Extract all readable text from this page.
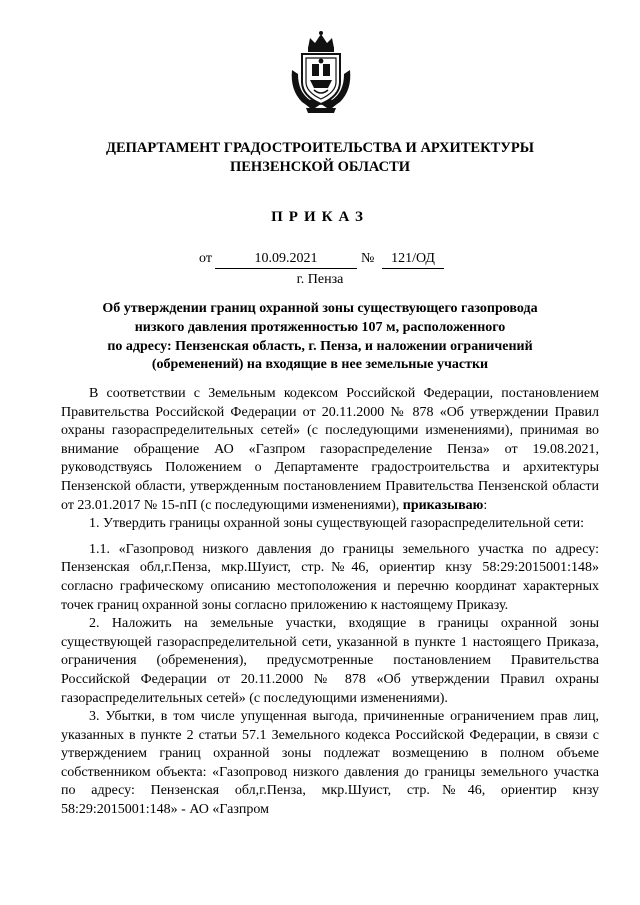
ДЕПАРТАМЕНТ ГРАДОСТРОИТЕЛЬСТВА И АРХИТЕКТУРЫ
ПЕНЗЕНСКОЙ ОБЛАСТИ
ПРИКАЗ
от	10.09.2021	№	121/ОД
г. Пенза
Об утверждении границ охранной зоны существующего газопровода
низкого давления протяженностью 107 м, расположенного
по адресу: Пензенская область, г. Пенза, и наложении ограничений
(обременений) на входящие в нее земельные участки

В соответствии с Земельным кодексом Российской Федерации, постановлением Правительства Российской Федерации от 20.11.2000 № 878 «Об утверждении Правил охраны газораспределительных сетей» (с последующими изменениями), принимая во внимание обращение АО «Газпром газораспределение Пенза» от 19.08.2021, руководствуясь Положением о Департаменте градостроительства и архитектуры Пензенской области, утвержденным постановлением Правительства Пензенской области от 23.01.2017 № 15-пП (с последующими изменениями), приказываю:

1. Утвердить границы охранной зоны существующей газораспределительной сети:

1.1. «Газопровод низкого давления до границы земельного участка по адресу: Пензенская обл,г.Пенза, мкр.Шуист, стр.№46, ориентир кнзу 58:29:2015001:148» согласно графическому описанию местоположения и перечню координат характерных точек границ охранной зоны согласно приложению к настоящему Приказу.

2. Наложить на земельные участки, входящие в границы охранной зоны существующей газораспределительной сети, указанной в пункте 1 настоящего Приказа, ограничения (обременения), предусмотренные постановлением Правительства Российской Федерации от 20.11.2000 № 878 «Об утверждении Правил охраны газораспределительных сетей» (с последующими изменениями).

3. Убытки, в том числе упущенная выгода, причиненные ограничением прав лиц, указанных в пункте 2 статьи 57.1 Земельного кодекса Российской Федерации, в связи с утверждением границ охранной зоны подлежат возмещению в полном объеме собственником объекта: «Газопровод низкого давления до границы земельного участка по адресу: Пензенская обл,г.Пенза, мкр.Шуист, стр.№46, ориентир кнзу 58:29:2015001:148» - АО «Газпром
